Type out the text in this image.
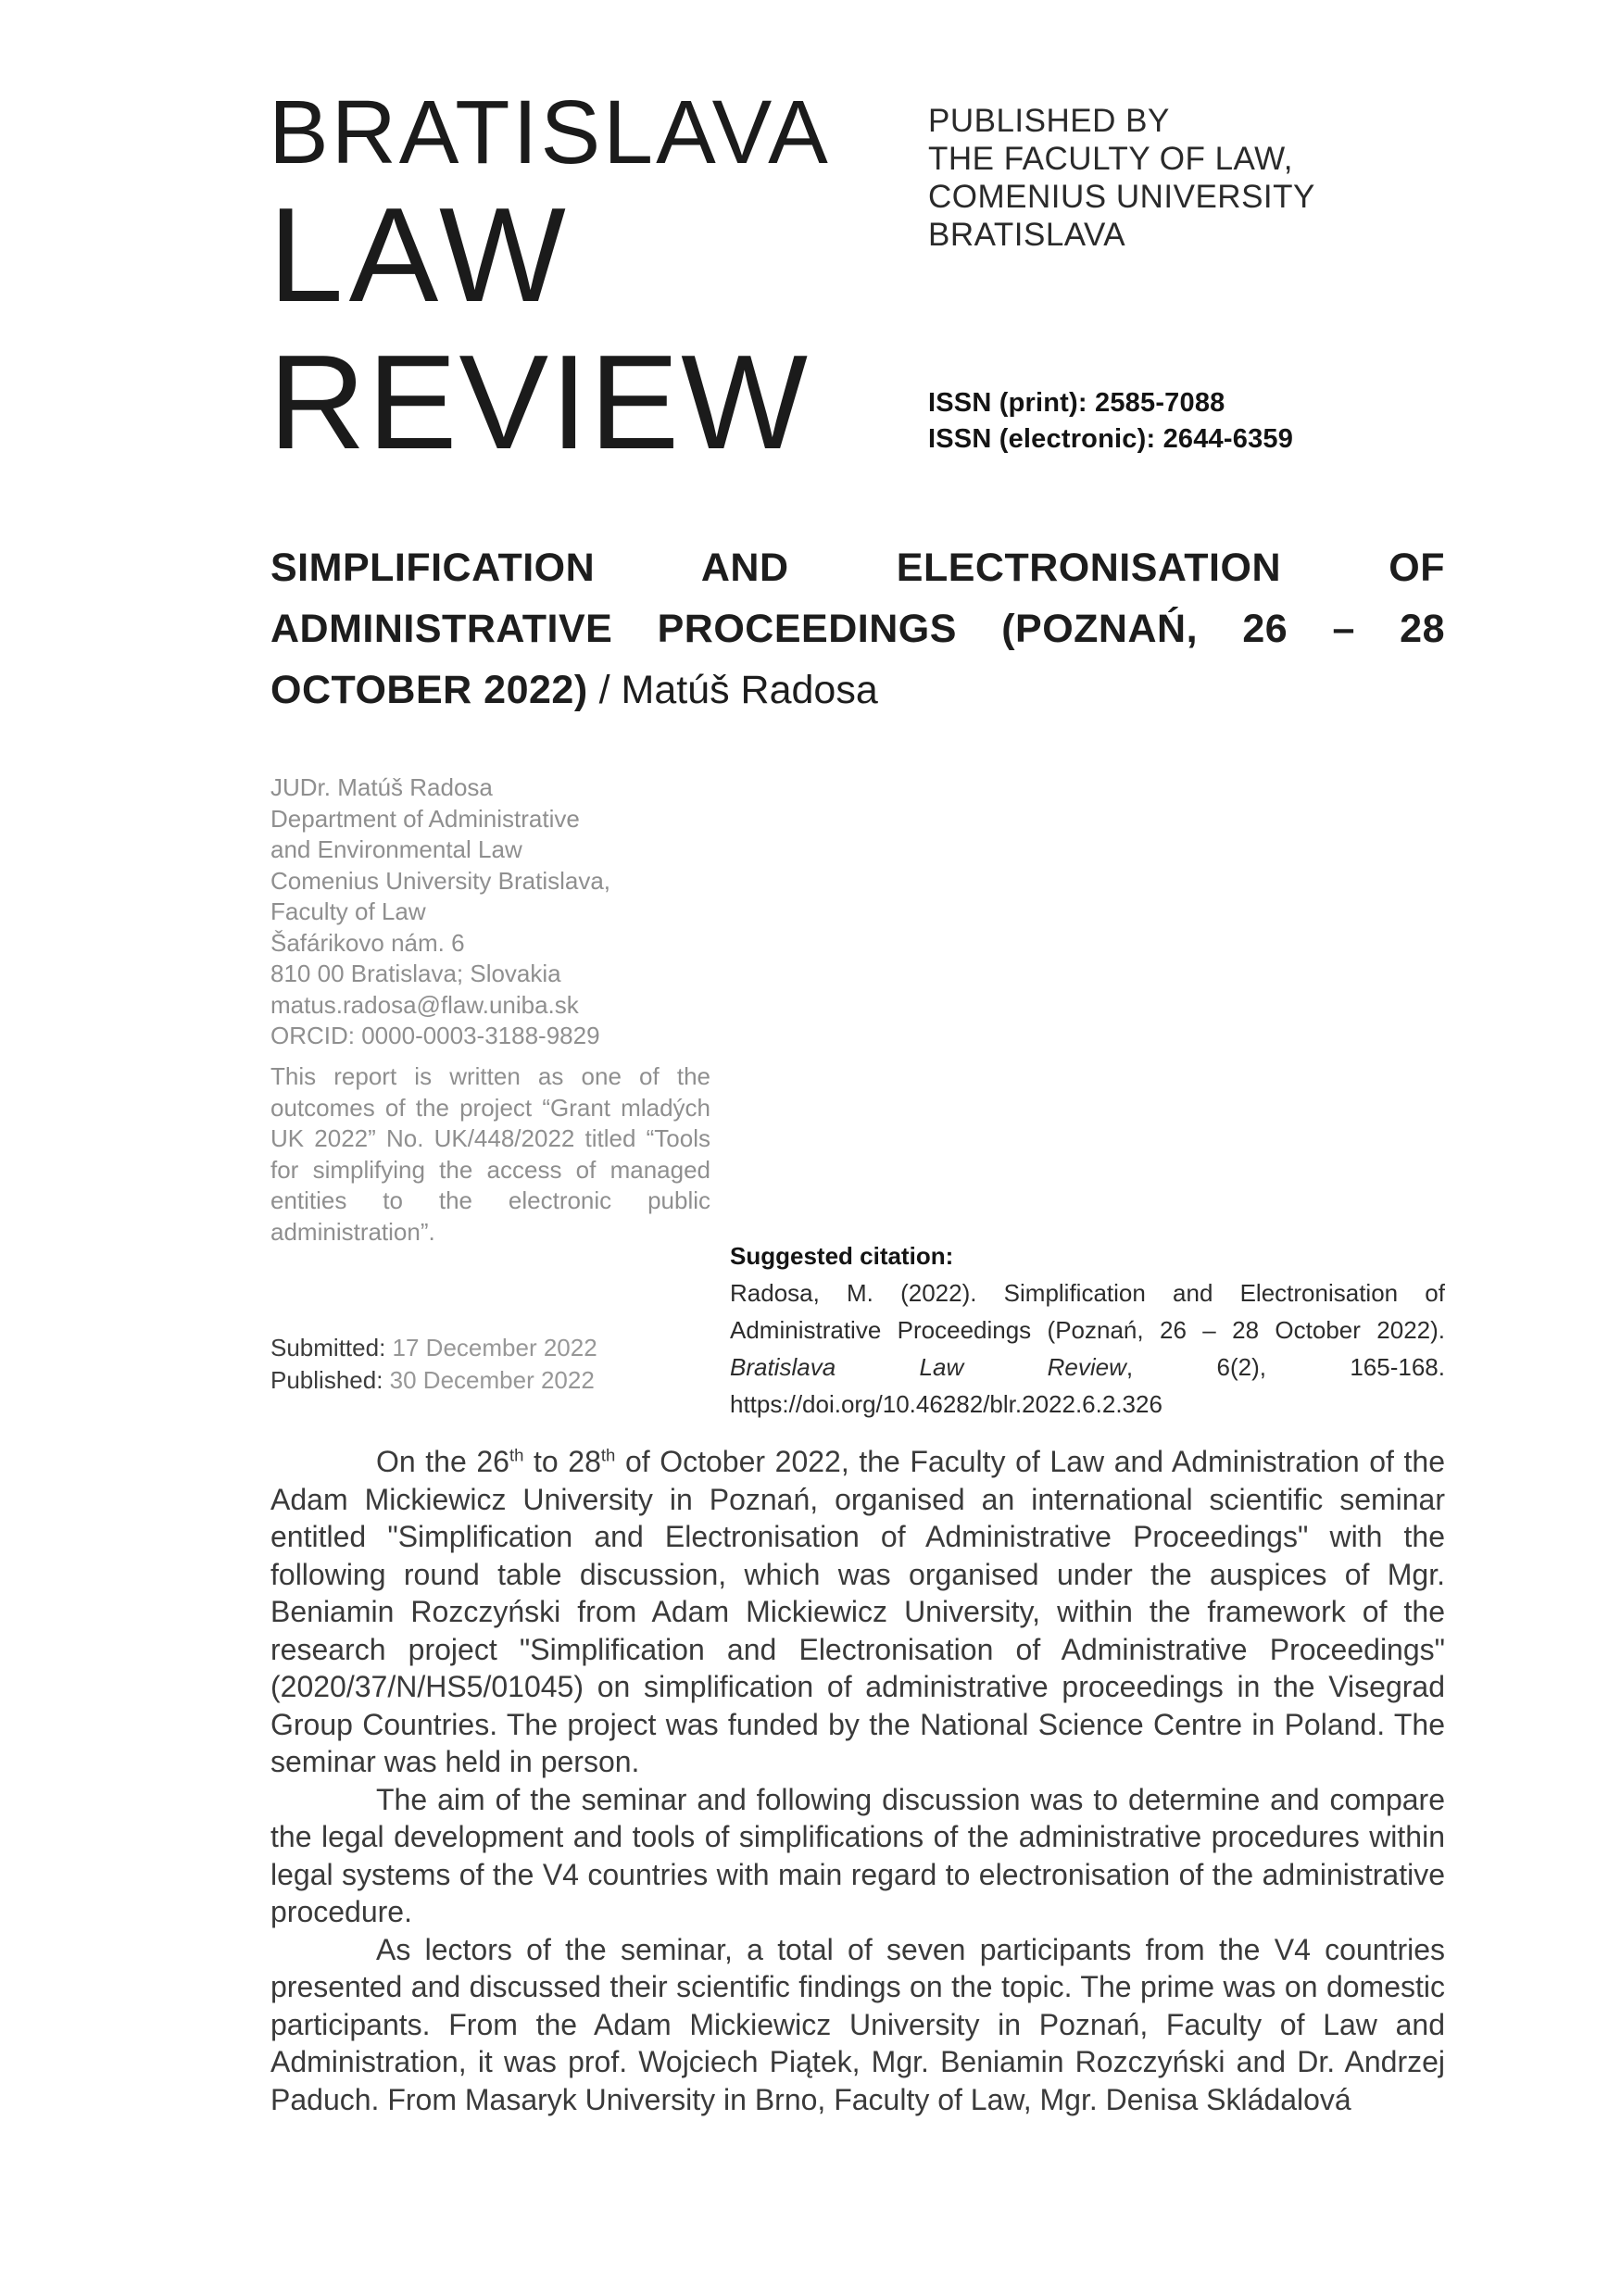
BRATISLAVA
LAW
REVIEW
PUBLISHED BY
THE FACULTY OF LAW,
COMENIUS UNIVERSITY
BRATISLAVA
ISSN (print): 2585-7088
ISSN (electronic): 2644-6359
SIMPLIFICATION AND ELECTRONISATION OF ADMINISTRATIVE PROCEEDINGS (POZNAŃ, 26 – 28 OCTOBER 2022) / Matúš Radosa
JUDr. Matúš Radosa
Department of Administrative
and Environmental Law
Comenius University Bratislava,
Faculty of Law
Šafárikovo nám. 6
810 00 Bratislava; Slovakia
matus.radosa@flaw.uniba.sk
ORCID: 0000-0003-3188-9829
This report is written as one of the outcomes of the project “Grant mladých UK 2022” No. UK/448/2022 titled “Tools for simplifying the access of managed entities to the electronic public administration”.
Submitted: 17 December 2022
Published: 30 December 2022
Suggested citation:
Radosa, M. (2022). Simplification and Electronisation of Administrative Proceedings (Poznań, 26 – 28 October 2022). Bratislava Law Review, 6(2), 165-168. https://doi.org/10.46282/blr.2022.6.2.326

On the 26th to 28th of October 2022, the Faculty of Law and Administration of the Adam Mickiewicz University in Poznań, organised an international scientific seminar entitled "Simplification and Electronisation of Administrative Proceedings" with the following round table discussion, which was organised under the auspices of Mgr. Beniamin Rozczyński from Adam Mickiewicz University, within the framework of the research project "Simplification and Electronisation of Administrative Proceedings" (2020/37/N/HS5/01045) on simplification of administrative proceedings in the Visegrad Group Countries. The project was funded by the National Science Centre in Poland. The seminar was held in person.

The aim of the seminar and following discussion was to determine and compare the legal development and tools of simplifications of the administrative procedures within legal systems of the V4 countries with main regard to electronisation of the administrative procedure.

As lectors of the seminar, a total of seven participants from the V4 countries presented and discussed their scientific findings on the topic. The prime was on domestic participants. From the Adam Mickiewicz University in Poznań, Faculty of Law and Administration, it was prof. Wojciech Piątek, Mgr. Beniamin Rozczyński and Dr. Andrzej Paduch. From Masaryk University in Brno, Faculty of Law, Mgr. Denisa Skládalová
